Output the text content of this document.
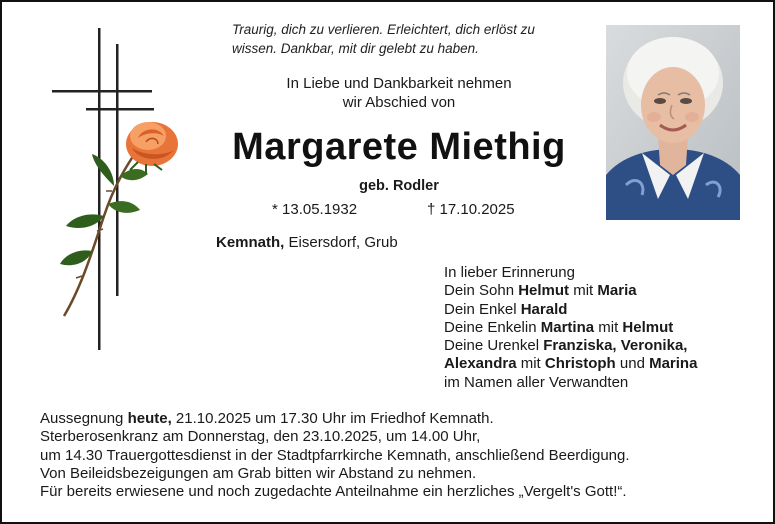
Traurig, dich zu verlieren. Erleichtert, dich erlöst zu
wissen. Dankbar, mit dir gelebt zu haben.
In Liebe und Dankbarkeit nehmen
wir Abschied von
Margarete Miethig
geb. Rodler
* 13.05.1932	† 17.10.2025
Kemnath, Eisersdorf, Grub
In lieber Erinnerung
Dein Sohn Helmut mit Maria
Dein Enkel Harald
Deine Enkelin Martina mit Helmut
Deine Urenkel Franziska, Veronika,
Alexandra mit Christoph und Marina
im Namen aller Verwandten
Aussegnung heute, 21.10.2025 um 17.30 Uhr im Friedhof Kemnath.
Sterberosenkranz am Donnerstag, den 23.10.2025, um 14.00 Uhr,
um 14.30 Trauergottesdienst in der Stadtpfarrkirche Kemnath, anschließend Beerdigung.
Von Beileidsbezeigungen am Grab bitten wir Abstand zu nehmen.
Für bereits erwiesene und noch zugedachte Anteilnahme ein herzliches „Vergelt's Gott!“.
